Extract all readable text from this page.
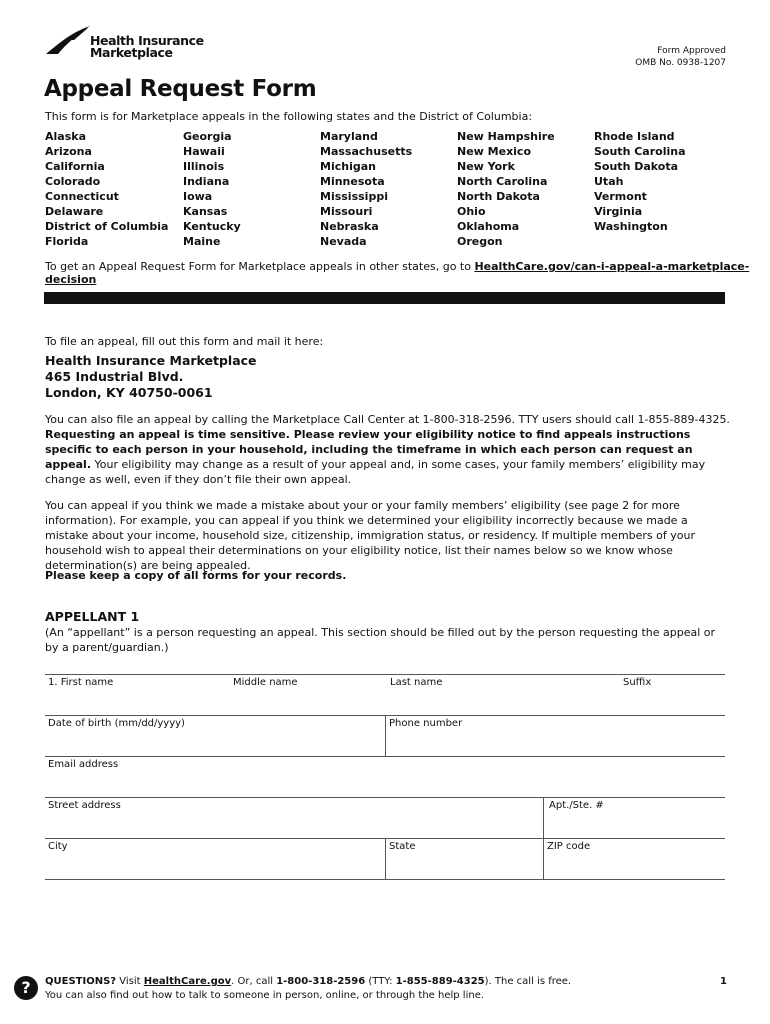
Health Insurance
Marketplace	Form Approved
OMB No. 0938-1207
Appeal Request Form
This form is for Marketplace appeals in the following states and the District of Columbia:
Alaska
Arizona
California
Colorado
Connecticut
Delaware
District of Columbia
Florida
Georgia
Hawaii
Illinois
Indiana
Iowa
Kansas
Kentucky
Maine
Maryland
Massachusetts
Michigan
Minnesota
Mississippi
Missouri
Nebraska
Nevada
New Hampshire
New Mexico
New York
North Carolina
North Dakota
Ohio
Oklahoma
Oregon
Rhode Island
South Carolina
South Dakota
Utah
Vermont
Virginia
Washington
To get an Appeal Request Form for Marketplace appeals in other states, go to HealthCare.gov/can-i-appeal-a-marketplace-decision
To file an appeal, fill out this form and mail it here:
Health Insurance Marketplace
465 Industrial Blvd.
London, KY 40750-0061
You can also file an appeal by calling the Marketplace Call Center at 1-800-318-2596. TTY users should call 1-855-889-4325.
Requesting an appeal is time sensitive. Please review your eligibility notice to find appeals instructions specific to each person in your household, including the timeframe in which each person can request an appeal. Your eligibility may change as a result of your appeal and, in some cases, your family members’ eligibility may change as well, even if they don’t file their own appeal.
You can appeal if you think we made a mistake about your or your family members’ eligibility (see page 2 for more information). For example, you can appeal if you think we determined your eligibility incorrectly because we made a mistake about your income, household size, citizenship, immigration status, or residency. If multiple members of your household wish to appeal their determinations on your eligibility notice, list their names below so we know whose determination(s) are being appealed.
Please keep a copy of all forms for your records.
APPELLANT 1
(An “appellant” is a person requesting an appeal. This section should be filled out by the person requesting the appeal or by a parent/guardian.)
1. First name	Middle name	Last name	Suffix
Date of birth (mm/dd/yyyy)	Phone number
Email address
Street address	Apt./Ste. #
City	State	ZIP code
?	QUESTIONS? Visit HealthCare.gov. Or, call 1-800-318-2596 (TTY: 1-855-889-4325). The call is free.
You can also find out how to talk to someone in person, online, or through the help line.
1
